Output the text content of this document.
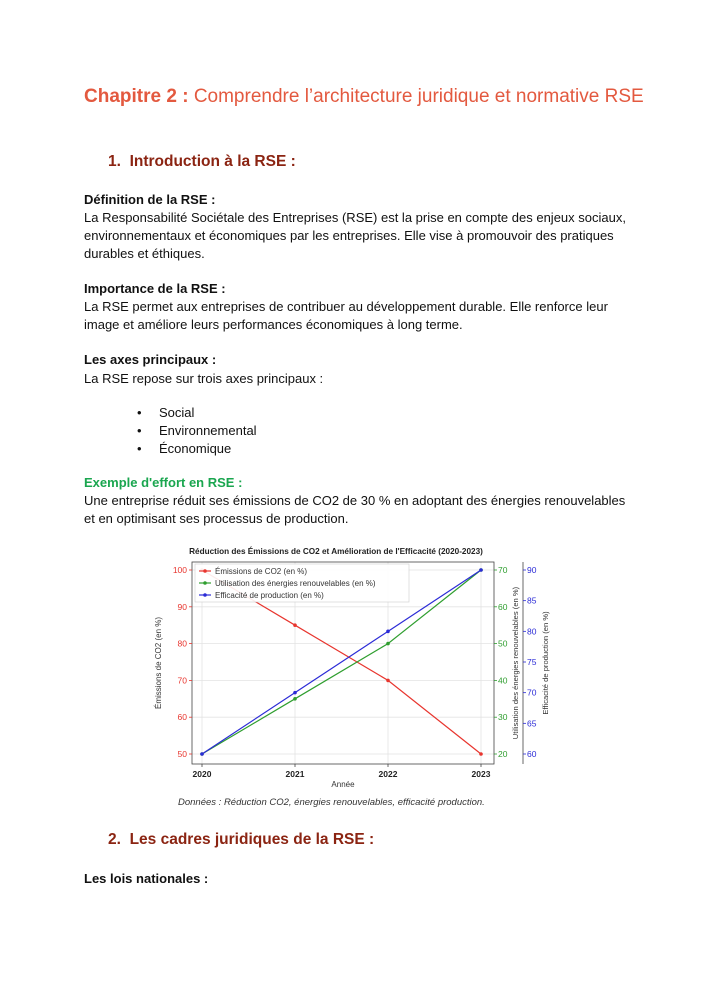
Chapitre 2 : Comprendre l’architecture juridique et normative RSE
1. Introduction à la RSE :

Définition de la RSE :

La Responsabilité Sociétale des Entreprises (RSE) est la prise en compte des enjeux sociaux, environnementaux et économiques par les entreprises. Elle vise à promouvoir des pratiques durables et éthiques.

Importance de la RSE :

La RSE permet aux entreprises de contribuer au développement durable. Elle renforce leur image et améliore leurs performances économiques à long terme.

Les axes principaux :

La RSE repose sur trois axes principaux :

• Social
• Environnemental
• Économique

Exemple d'effort en RSE :

Une entreprise réduit ses émissions de CO2 de 30 % en adoptant des énergies renouvelables et en optimisant ses processus de production.

Réduction des Émissions de CO2 et Amélioration de l'Efficacité (2020-2023)
50
60
70
80
90
100
Émissions de CO2 (en %)
20
30
40
50
60
70
Utilisation des énergies renouvelables (en %)
60
65
70
75
80
85
90
Efficacité de production (en %)
2020	2021	2022	2023
Année
Émissions de CO2 (en %)
Utilisation des énergies renouvelables (en %)
Efficacité de production (en %)

Données : Réduction CO2, énergies renouvelables, efficacité production.

2. Les cadres juridiques de la RSE :

Les lois nationales :
